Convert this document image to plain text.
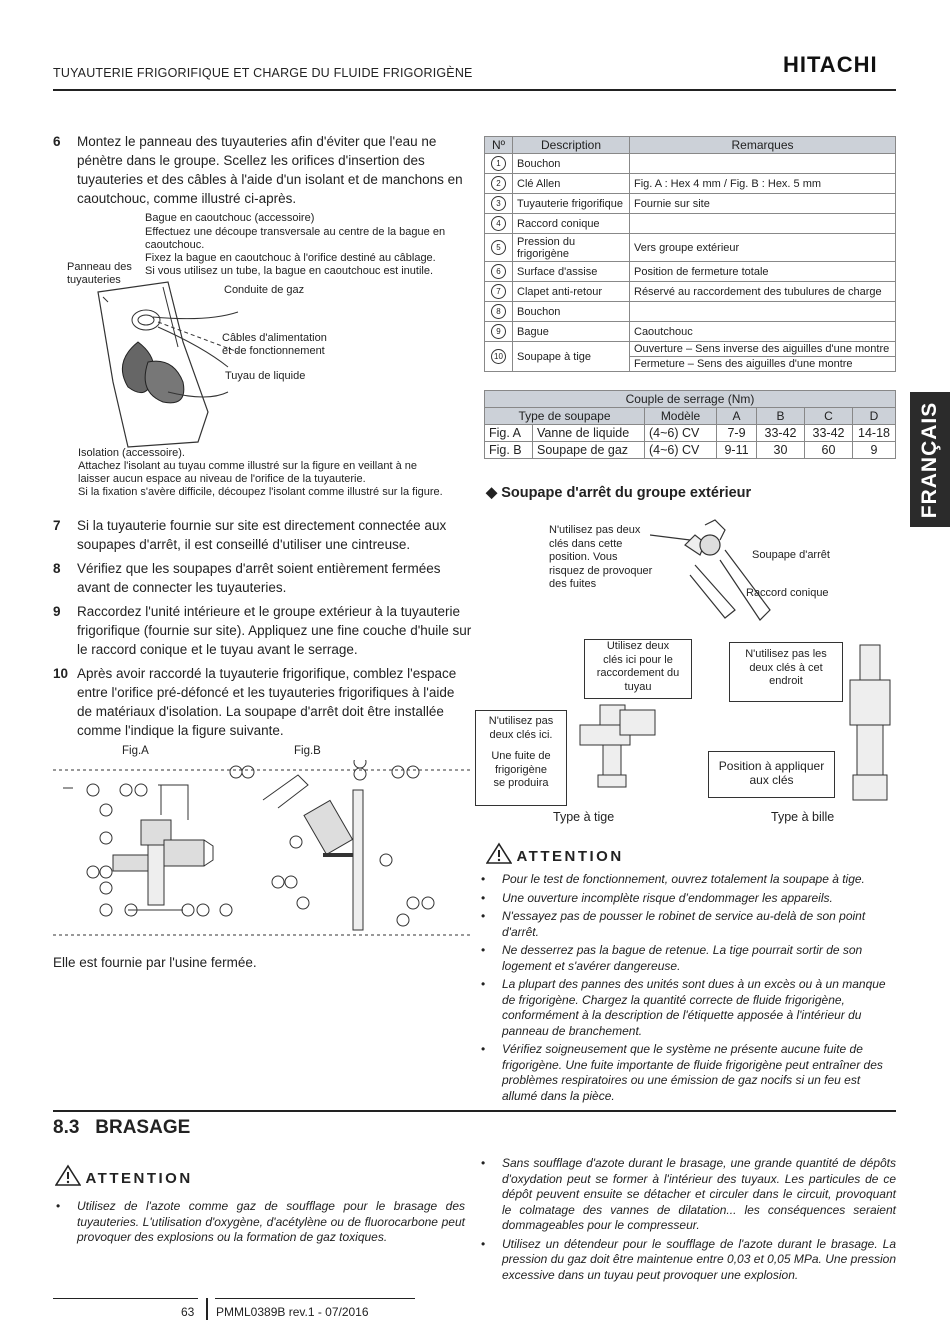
TUYAUTERIE FRIGORIFIQUE ET CHARGE DU FLUIDE FRIGORIGÈNE	HITACHI
FRANÇAIS
6	Montez le panneau des tuyauteries afin d'éviter que l'eau ne pénètre dans le groupe. Scellez les orifices d'insertion des tuyauteries et des câbles à l'aide d'un isolant et de manchons en caoutchouc, comme illustré ci-après.
Bague en caoutchouc (accessoire)
Effectuez une découpe transversale au centre de la bague en
caoutchouc.
Fixez la bague en caoutchouc à l'orifice destiné au câblage.
Si vous utilisez un tube, la bague en caoutchouc est inutile.
Panneau des
tuyauteries
Conduite de gaz
Câbles d'alimentation
et de fonctionnement
Tuyau de liquide
Isolation (accessoire).
Attachez l'isolant au tuyau comme illustré sur la figure en veillant à ne
laisser aucun espace au niveau de l'orifice de la tuyauterie.
Si la fixation s'avère difficile, découpez l'isolant comme illustré sur la figure.
7	Si la tuyauterie fournie sur site est directement connectée aux soupapes d'arrêt, il est conseillé d'utiliser une cintreuse.
8	Vérifiez que les soupapes d'arrêt soient entièrement fermées avant de connecter les tuyauteries.
9	Raccordez l'unité intérieure et le groupe extérieur à la tuyauterie frigorifique (fournie sur site). Appliquez une fine couche d'huile sur le raccord conique et le tuyau avant le serrage.
10 Après avoir raccordé la tuyauterie frigorifique, comblez l'espace entre l'orifice pré-défoncé et les tuyauteries frigorifiques à l'aide de matériaux d'isolation. La soupape d'arrêt doit être installée comme l'indique la figure suivante.
Fig.A	Fig.B
Elle est fournie par l'usine fermée.
Nº	Description	Remarques
1	Bouchon	
2	Clé Allen	Fig. A : Hex 4 mm / Fig. B : Hex. 5 mm
3	Tuyauterie frigorifique	Fournie sur site
4	Raccord conique	
5	Pression du frigorigène	Vers groupe extérieur
6	Surface d'assise	Position de fermeture totale
7	Clapet anti-retour	Réservé au raccordement des tubulures de charge
8	Bouchon	
9	Bague	Caoutchouc
10	Soupape à tige	Ouverture – Sens inverse des aiguilles d'une montre
Fermeture – Sens des aiguilles d'une montre
Couple de serrage (Nm)						
Type de soupape		Modèle	A	B	C	D
Fig. A	Vanne de liquide	(4~6) CV	7-9	33-42	33-42	14-18
Fig. B	Soupape de gaz	(4~6) CV	9-11	30	60	9
◆ Soupape d'arrêt du groupe extérieur
N'utilisez pas deux
clés dans cette
position. Vous
risquez de provoquer
des fuites
Soupape d'arrêt
Raccord conique
Utilisez deux
clés ici pour le
raccordement du
tuyau
N'utilisez pas
deux clés ici.
Une fuite de
frigorigène
se produira
Type à tige
N'utilisez pas les
deux clés à cet
endroit
Position à appliquer
aux clés
Type à bille
ATTENTION
• Pour le test de fonctionnement, ouvrez totalement la soupape à tige.
• Une ouverture incomplète risque d’endommager les appareils.
• N'essayez pas de pousser le robinet de service au-delà de son point d'arrêt.
• Ne desserrez pas la bague de retenue. La tige pourrait sortir de son logement et s'avérer dangereuse.
• La plupart des pannes des unités sont dues à un excès ou à un manque de frigorigène. Chargez la quantité correcte de fluide frigorigène, conformément à la description de l'étiquette apposée à l'intérieur du panneau de branchement.
• Vérifiez soigneusement que le système ne présente aucune fuite de frigorigène. Une fuite importante de fluide frigorigène peut entraîner des problèmes respiratoires ou une émission de gaz nocifs si un feu est allumé dans la pièce.
8.3 BRASAGE
ATTENTION
• Utilisez de l'azote comme gaz de soufflage pour le brasage des tuyauteries. L'utilisation d'oxygène, d'acétylène ou de fluorocarbone peut provoquer des explosions ou la formation de gaz toxiques.
• Sans soufflage d'azote durant le brasage, une grande quantité de dépôts d'oxydation peut se former à l'intérieur des tuyaux. Les particules de ce dépôt peuvent ensuite se détacher et circuler dans le circuit, provoquant le colmatage des vannes de dilatation... les conséquences seraient dommageables pour le compresseur.
• Utilisez un détendeur pour le soufflage de l'azote durant le brasage. La pression du gaz doit être maintenue entre 0,03 et 0,05 MPa. Une pression excessive dans un tuyau peut provoquer une explosion.
63 PMML0389B rev.1 - 07/2016
